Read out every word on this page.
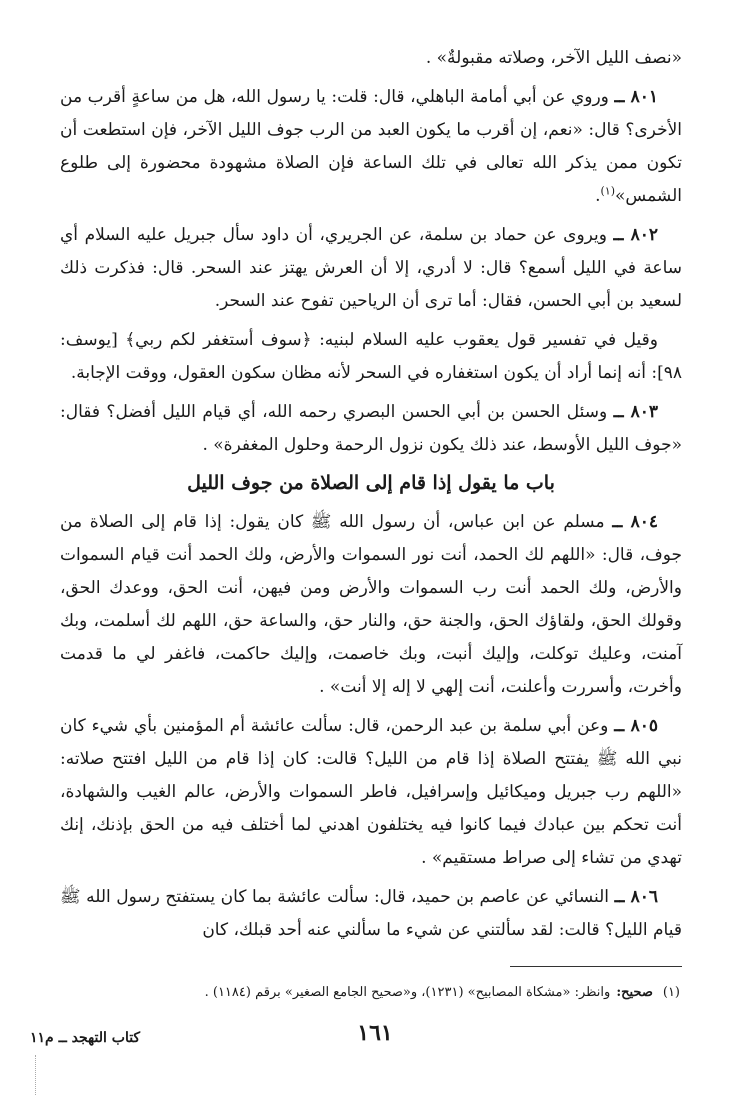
«نصف الليل الآخر، وصلاته مقبولةٌ» .

٨٠١ ــ وروي عن أبي أمامة الباهلي، قال: قلت: يا رسول الله، هل من ساعةٍ أقرب من الأخرى؟ قال: «نعم، إن أقرب ما يكون العبد من الرب جوف الليل الآخر، فإن استطعت أن تكون ممن يذكر الله تعالى في تلك الساعة فإن الصلاة مشهودة محضورة إلى طلوع الشمس»$^{(١)}$.

٨٠٢ ــ ويروى عن حماد بن سلمة، عن الجريري، أن داود سأل جبريل عليه السلام أي ساعة في الليل أسمع؟ قال: لا أدري، إلا أن العرش يهتز عند السحر. قال: فذكرت ذلك لسعيد بن أبي الحسن، فقال: أما ترى أن الرياحين تفوح عند السحر.

وقيل في تفسير قول يعقوب عليه السلام لبنيه: ﴿سوف أستغفر لكم ربي﴾ [يوسف: ٩٨]: أنه إنما أراد أن يكون استغفاره في السحر لأنه مظان سكون العقول، ووقت الإجابة.

٨٠٣ ــ وسئل الحسن بن أبي الحسن البصري رحمه الله، أي قيام الليل أفضل؟ فقال: «جوف الليل الأوسط، عند ذلك يكون نزول الرحمة وحلول المغفرة» .

باب ما يقول إذا قام إلى الصلاة من جوف الليل

٨٠٤ ــ مسلم عن ابن عباس، أن رسول الله ﷺ كان يقول: إذا قام إلى الصلاة من جوف، قال: «اللهم لك الحمد، أنت نور السموات والأرض، ولك الحمد أنت قيام السموات والأرض، ولك الحمد أنت رب السموات والأرض ومن فيهن، أنت الحق، ووعدك الحق، وقولك الحق، ولقاؤك الحق، والجنة حق، والنار حق، والساعة حق، اللهم لك أسلمت، وبك آمنت، وعليك توكلت، وإليك أنبت، وبك خاصمت، وإليك حاكمت، فاغفر لي ما قدمت وأخرت، وأسررت وأعلنت، أنت إلهي لا إله إلا أنت» .

٨٠٥ ــ وعن أبي سلمة بن عبد الرحمن، قال: سألت عائشة أم المؤمنين بأي شيء كان نبي الله ﷺ يفتتح الصلاة إذا قام من الليل؟ قالت: كان إذا قام من الليل افتتح صلاته: «اللهم رب جبريل وميكائيل وإسرافيل، فاطر السموات والأرض، عالم الغيب والشهادة، أنت تحكم بين عبادك فيما كانوا فيه يختلفون اهدني لما أختلف فيه من الحق بإذنك، إنك تهدي من تشاء إلى صراط مستقيم» .

٨٠٦ ــ النسائي عن عاصم بن حميد، قال: سألت عائشة بما كان يستفتح رسول الله ﷺ قيام الليل؟ قالت: لقد سألتني عن شيء ما سألني عنه أحد قبلك، كان

(١)صحيح:وانظر: «مشكاة المصابيح» (١٢٣١)، و«صحيح الجامع الصغير» برقم (١١٨٤) .
١٦١
كتاب التهجد ــ م١١
